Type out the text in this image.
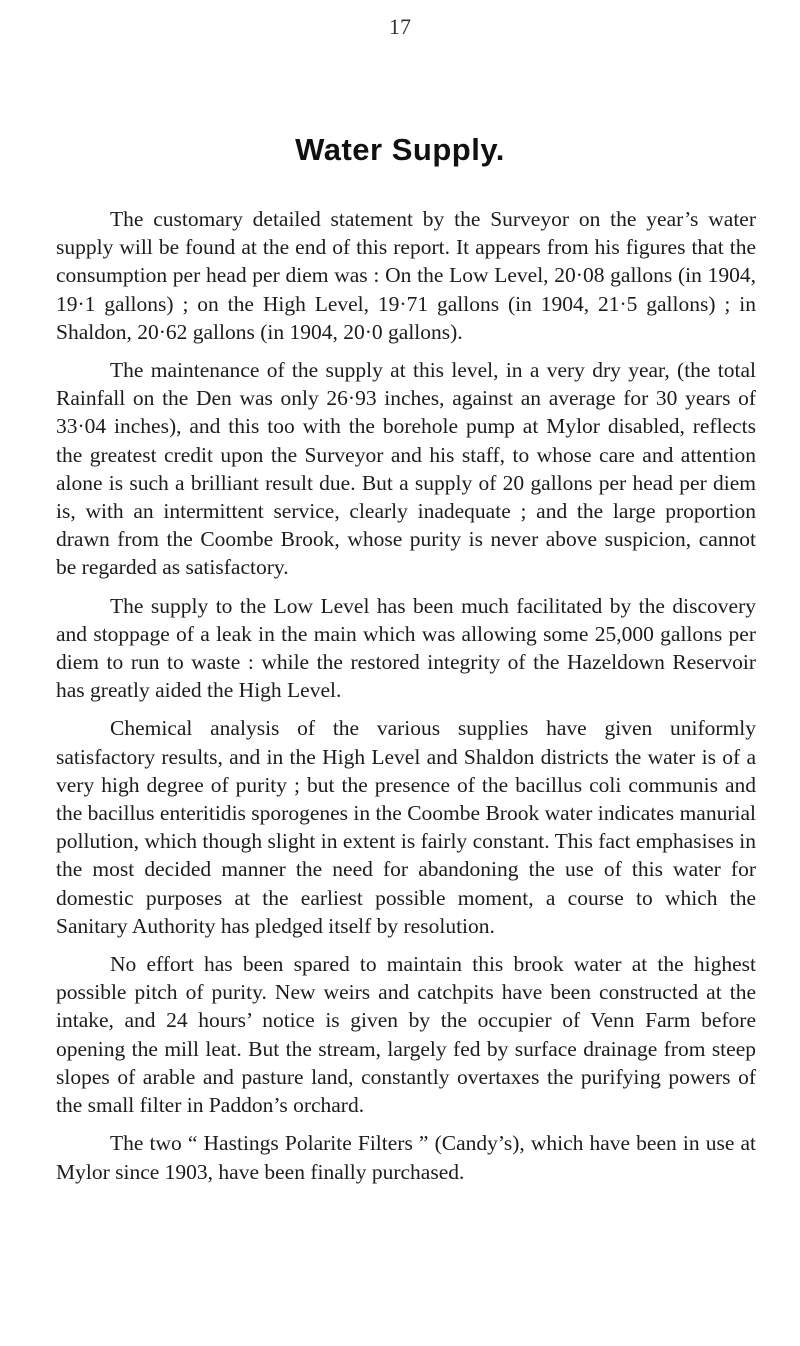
17
Water Supply.

The customary detailed statement by the Surveyor on the year’s water supply will be found at the end of this report. It appears from his figures that the consumption per head per diem was : On the Low Level, 20·08 gallons (in 1904, 19·1 gallons) ; on the High Level, 19·71 gallons (in 1904, 21·5 gallons) ; in Shaldon, 20·62 gallons (in 1904, 20·0 gallons).

The maintenance of the supply at this level, in a very dry year, (the total Rainfall on the Den was only 26·93 inches, against an average for 30 years of 33·04 inches), and this too with the borehole pump at Mylor disabled, reflects the greatest credit upon the Surveyor and his staff, to whose care and attention alone is such a brilliant result due. But a supply of 20 gallons per head per diem is, with an intermittent service, clearly inadequate ; and the large proportion drawn from the Coombe Brook, whose purity is never above suspicion, cannot be regarded as satisfactory.

The supply to the Low Level has been much facilitated by the discovery and stoppage of a leak in the main which was allowing some 25,000 gallons per diem to run to waste : while the restored integrity of the Hazeldown Reservoir has greatly aided the High Level.

Chemical analysis of the various supplies have given uniformly satisfactory results, and in the High Level and Shaldon districts the water is of a very high degree of purity ; but the presence of the bacillus coli communis and the bacillus enteritidis sporogenes in the Coombe Brook water indicates manurial pollution, which though slight in extent is fairly constant. This fact emphasises in the most decided manner the need for abandoning the use of this water for domestic purposes at the earliest possible moment, a course to which the Sanitary Authority has pledged itself by resolution.

No effort has been spared to maintain this brook water at the highest possible pitch of purity. New weirs and catchpits have been constructed at the intake, and 24 hours’ notice is given by the occupier of Venn Farm before opening the mill leat. But the stream, largely fed by surface drainage from steep slopes of arable and pasture land, constantly overtaxes the purifying powers of the small filter in Paddon’s orchard.

The two “ Hastings Polarite Filters ” (Candy’s), which have been in use at Mylor since 1903, have been finally purchased.
